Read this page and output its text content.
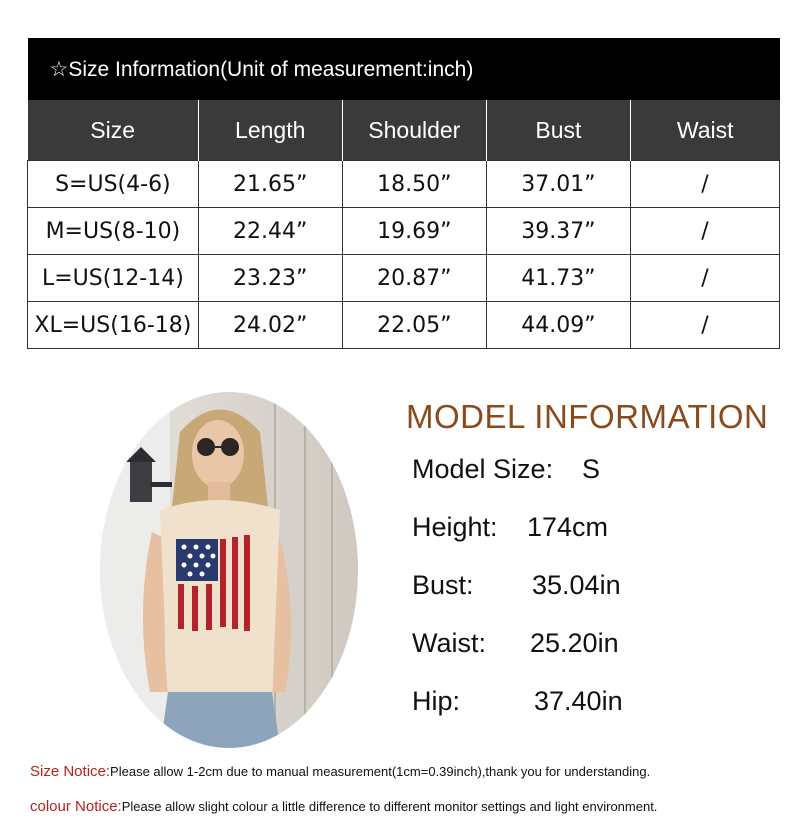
☆Size Information(Unit of measurement:inch)				
Size	Length	Shoulder	Bust	Waist
S=US(4-6)	21.65”	18.50”	37.01”	/
M=US(8-10)	22.44”	19.69”	39.37”	/
L=US(12-14)	23.23”	20.87”	41.73”	/
XL=US(16-18)	24.02”	22.05”	44.09”	/
MODEL INFORMATION
Model Size: S
Height: 174cm
Bust: 35.04in
Waist: 25.20in
Hip:	37.40in
Size Notice:Please allow 1-2cm due to manual measurement(1cm=0.39inch),thank you for understanding.
colour Notice:Please allow slight colour a little difference to different monitor settings and light environment.
